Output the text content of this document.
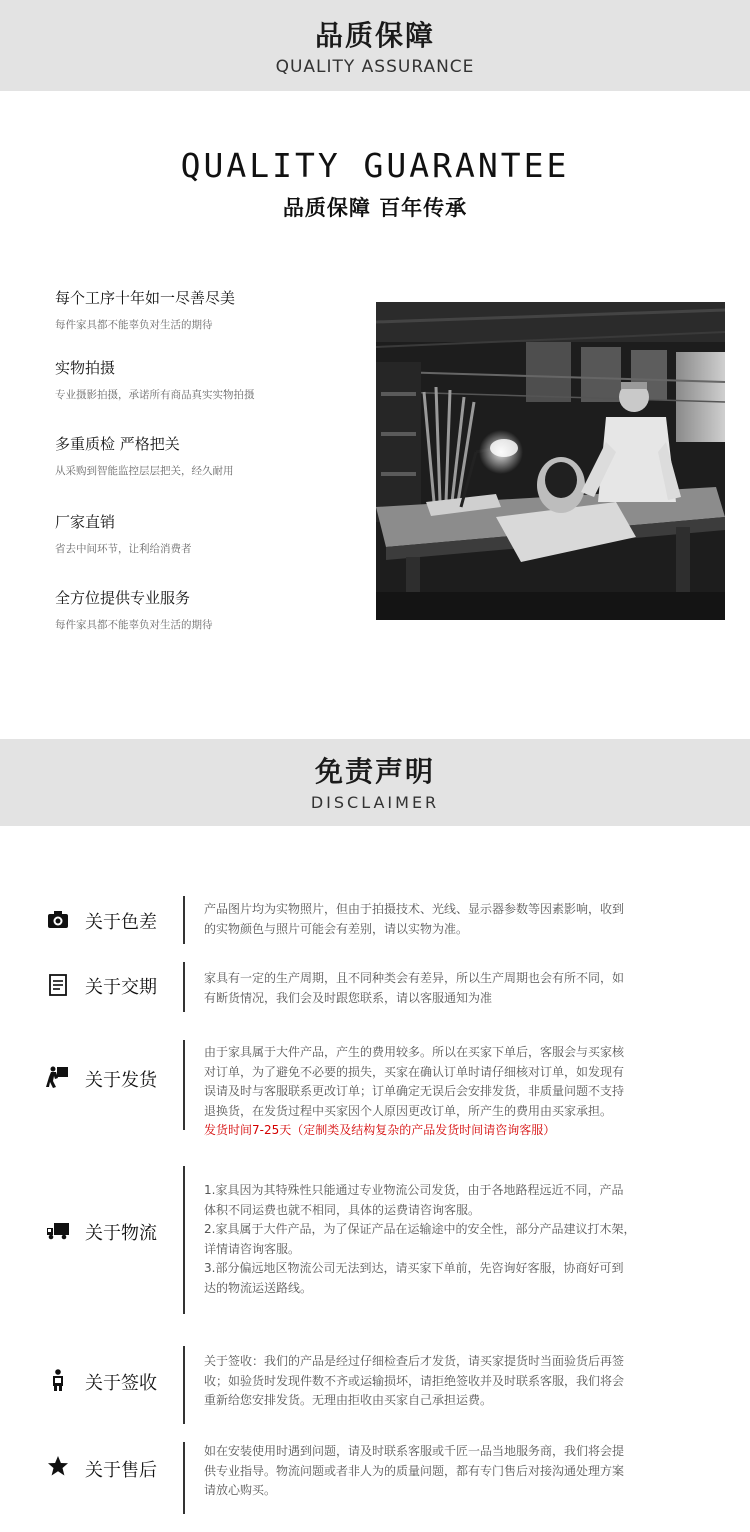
品质保障
QUALITY ASSURANCE
QUALITY GUARANTEE
品质保障 百年传承
每个工序十年如一尽善尽美
每件家具都不能辜负对生活的期待
实物拍摄
专业摄影拍摄，承诺所有商品真实实物拍摄
多重质检 严格把关
从采购到智能监控层层把关，经久耐用
厂家直销
省去中间环节，让利给消费者
全方位提供专业服务
每件家具都不能辜负对生活的期待
免责声明
DISCLAIMER
关于色差
产品图片均为实物照片，但由于拍摄技术、光线、显示器参数等因素影响，收到
的实物颜色与照片可能会有差别，请以实物为准。
关于交期	家具有一定的生产周期，且不同种类会有差异，所以生产周期也会有所不同，如
有断货情况，我们会及时跟您联系，请以客服通知为准
关于发货
由于家具属于大件产品，产生的费用较多。所以在买家下单后，客服会与买家核
对订单，为了避免不必要的损失，买家在确认订单时请仔细核对订单，如发现有
误请及时与客服联系更改订单；订单确定无误后会安排发货，非质量问题不支持
退换货，在发货过程中买家因个人原因更改订单，所产生的费用由买家承担。
发货时间7-25天（定制类及结构复杂的产品发货时间请咨询客服）
关于物流
1.家具因为其特殊性只能通过专业物流公司发货，由于各地路程远近不同，产品
体积不同运费也就不相同，具体的运费请咨询客服。
2.家具属于大件产品，为了保证产品在运输途中的安全性，部分产品建议打木架，
详情请咨询客服。
3.部分偏远地区物流公司无法到达，请买家下单前，先咨询好客服，协商好可到
达的物流运送路线。
关于签收
关于签收：我们的产品是经过仔细检查后才发货，请买家提货时当面验货后再签
收；如验货时发现件数不齐或运输损坏，请拒绝签收并及时联系客服，我们将会
重新给您安排发货。无理由拒收由买家自己承担运费。
关于售后
如在安装使用时遇到问题，请及时联系客服或千匠一品当地服务商，我们将会提
供专业指导。物流问题或者非人为的质量问题，都有专门售后对接沟通处理方案
请放心购买。
